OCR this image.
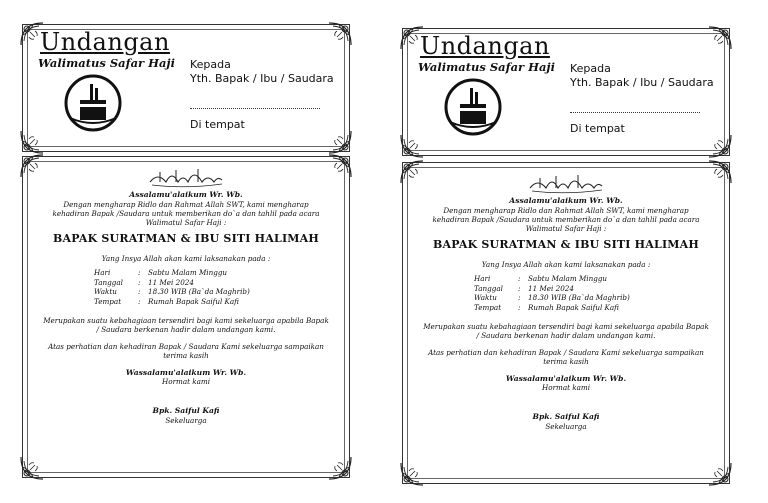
Undangan
Walimatus Safar Haji Kepada
Yth. Bapak / Ibu / Saudara
Di tempat
Undangan
Walimatus Safar Haji Kepada
Yth. Bapak / Ibu / Saudara
Di tempat
Assalamu'alaikum Wr. Wb.
Dengan mengharap Ridlo dan Rahmat Allah SWT, kami mengharap kehadiran Bapak /Saudara untuk memberikan do`a dan tahlil pada acara Walimatul Safar Haji :
BAPAK SURATMAN & IBU SITI HALIMAH
Yang Insya Allah akan kami laksanakan pada :
Hari	:	Sabtu Malam Minggu
Tanggal	:	11 Mei 2024
Waktu	:	18.30 WIB (Ba`da Maghrib)
Tempat	:	Rumah Bapak Saiful Kafi
Merupakan suatu kebahagiaan tersendiri bagi kami sekeluarga apabila Bapak / Saudara berkenan hadir dalam undangan kami.
Atas perhatian dan kehadiran Bapak / Saudara Kami sekeluarga sampaikan terima kasih
Wassalamu'alaikum Wr. Wb.
Hormat kami
Bpk. Saiful Kafi
Sekeluarga
Assalamu'alaikum Wr. Wb.
Dengan mengharap Ridlo dan Rahmat Allah SWT, kami mengharap kehadiran Bapak /Saudara untuk memberikan do`a dan tahlil pada acara Walimatul Safar Haji :
BAPAK SURATMAN & IBU SITI HALIMAH
Yang Insya Allah akan kami laksanakan pada :
Hari	:	Sabtu Malam Minggu
Tanggal	:	11 Mei 2024
Waktu	:	18.30 WIB (Ba`da Maghrib)
Tempat	:	Rumah Bapak Saiful Kafi
Merupakan suatu kebahagiaan tersendiri bagi kami sekeluarga apabila Bapak / Saudara berkenan hadir dalam undangan kami.
Atas perhatian dan kehadiran Bapak / Saudara Kami sekeluarga sampaikan terima kasih
Wassalamu'alaikum Wr. Wb.
Hormat kami
Bpk. Saiful Kafi
Sekeluarga
